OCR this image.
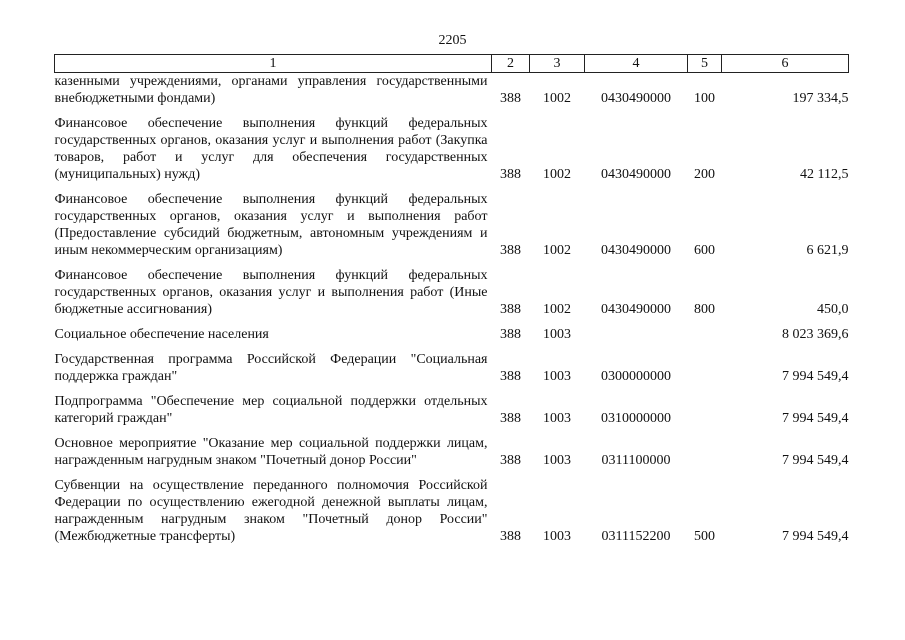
2205
1	2	3	4	5	6
казенными учреждениями, органами управления государственными внебюджетными фондами)	388	1002	0430490000	100	197 334,5
Финансовое обеспечение выполнения функций федеральных государственных органов, оказания услуг и выполнения работ (Закупка товаров, работ и услуг для обеспечения государственных (муниципальных) нужд)	388	1002	0430490000	200	42 112,5
Финансовое обеспечение выполнения функций федеральных государственных органов, оказания услуг и выполнения работ (Предоставление субсидий бюджетным, автономным учреждениям и иным некоммерческим организациям)	388	1002	0430490000	600	6 621,9
Финансовое обеспечение выполнения функций федеральных государственных органов, оказания услуг и выполнения работ (Иные бюджетные ассигнования)	388	1002	0430490000	800	450,0
Социальное обеспечение населения	388	1003			8 023 369,6
Государственная программа Российской Федерации "Социальная поддержка граждан"	388	1003	0300000000		7 994 549,4
Подпрограмма "Обеспечение мер социальной поддержки отдельных категорий граждан"	388	1003	0310000000		7 994 549,4
Основное мероприятие "Оказание мер социальной поддержки лицам, награжденным нагрудным знаком "Почетный донор России"	388	1003	0311100000		7 994 549,4
Субвенции на осуществление переданного полномочия Российской Федерации по осуществлению ежегодной денежной выплаты лицам, награжденным нагрудным знаком "Почетный донор России" (Межбюджетные трансферты)	388	1003	0311152200	500	7 994 549,4
